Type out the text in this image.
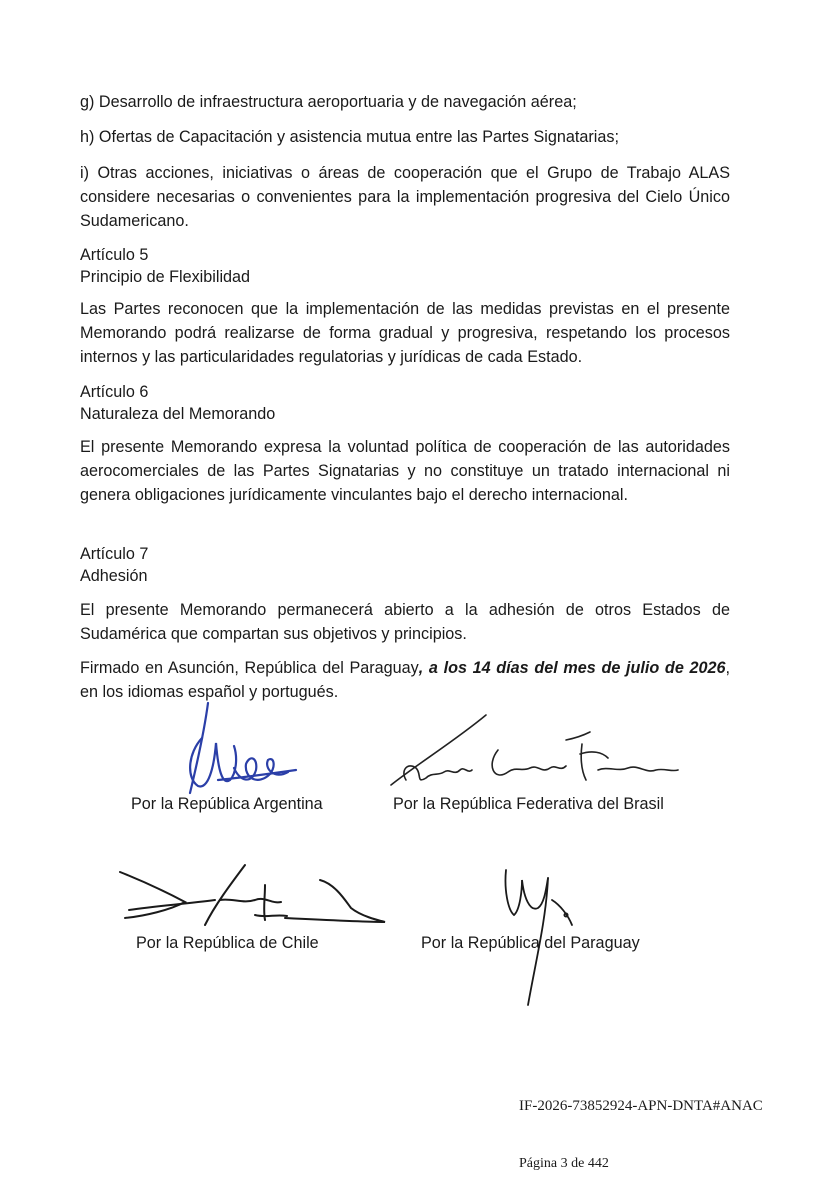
g) Desarrollo de infraestructura aeroportuaria y de navegación aérea;

h) Ofertas de Capacitación y asistencia mutua entre las Partes Signatarias;

i) Otras acciones, iniciativas o áreas de cooperación que el Grupo de Trabajo ALAS considere necesarias o convenientes para la implementación progresiva del Cielo Único Sudamericano.

Artículo 5

Principio de Flexibilidad

Las Partes reconocen que la implementación de las medidas previstas en el presente Memorando podrá realizarse de forma gradual y progresiva, respetando los procesos internos y las particularidades regulatorias y jurídicas de cada Estado.

Artículo 6

Naturaleza del Memorando

El presente Memorando expresa la voluntad política de cooperación de las autoridades aerocomerciales de las Partes Signatarias y no constituye un tratado internacional ni genera obligaciones jurídicamente vinculantes bajo el derecho internacional.

Artículo 7

Adhesión

El presente Memorando permanecerá abierto a la adhesión de otros Estados de Sudamérica que compartan sus objetivos y principios.

Firmado en Asunción, República del Paraguay, a los 14 días del mes de julio de 2026, en los idiomas español y portugués.

Por la República Argentina	Por la República Federativa del Brasil
Por la República de Chile	Por la República del Paraguay
IF-2026-73852924-APN-DNTA#ANAC
Página 3 de 442
